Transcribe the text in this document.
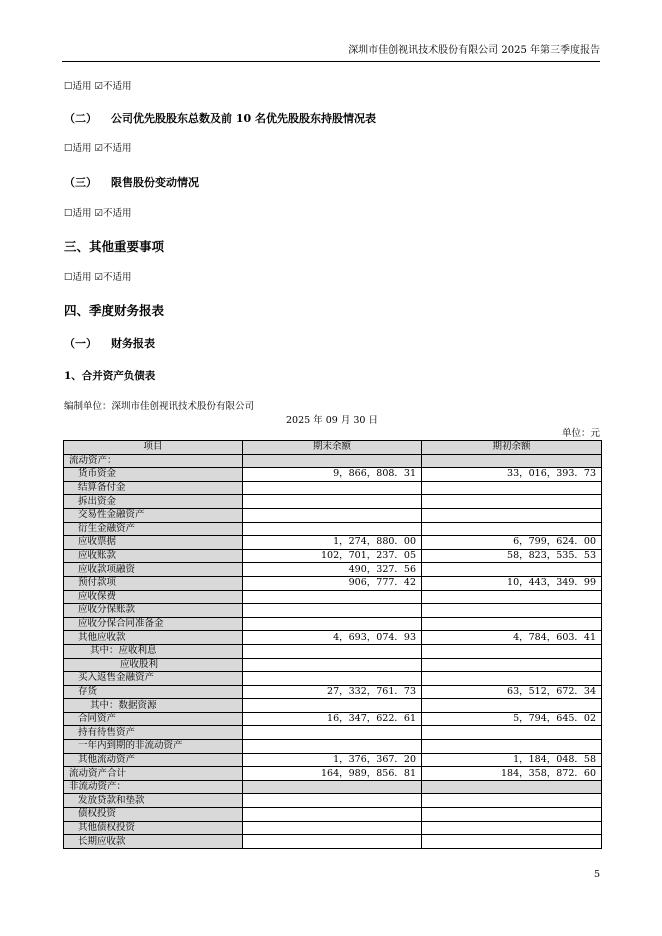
深圳市佳创视讯技术股份有限公司 2025 年第三季度报告
☐适用 ☑不适用
（二） 公司优先股股东总数及前 10 名优先股股东持股情况表
☐适用 ☑不适用
（三） 限售股份变动情况
☐适用 ☑不适用
三、其他重要事项
☐适用 ☑不适用
四、季度财务报表
（一） 财务报表
1、合并资产负债表
编制单位：深圳市佳创视讯技术股份有限公司
2025 年 09 月 30 日
单位：元
项目	期末余额	期初余额
流动资产：		
货币资金	9，866，808．31	33，016，393．73
结算备付金		
拆出资金		
交易性金融资产		
衍生金融资产		
应收票据	1，274，880．00	6，799，624．00
应收账款	102，701，237．05	58，823，535．53
应收款项融资	490，327．56	
预付款项	906，777．42	10，443，349．99
应收保费		
应收分保账款		
应收分保合同准备金		
其他应收款	4，693，074．93	4，784，603．41
其中：应收利息		
应收股利		
买入返售金融资产		
存货	27，332，761．73	63，512，672．34
其中：数据资源		
合同资产	16，347，622．61	5，794，645．02
持有待售资产		
一年内到期的非流动资产		
其他流动资产	1，376，367．20	1，184，048．58
流动资产合计	164，989，856．81	184，358，872．60
非流动资产：		
发放贷款和垫款		
债权投资		
其他债权投资		
长期应收款		
5
